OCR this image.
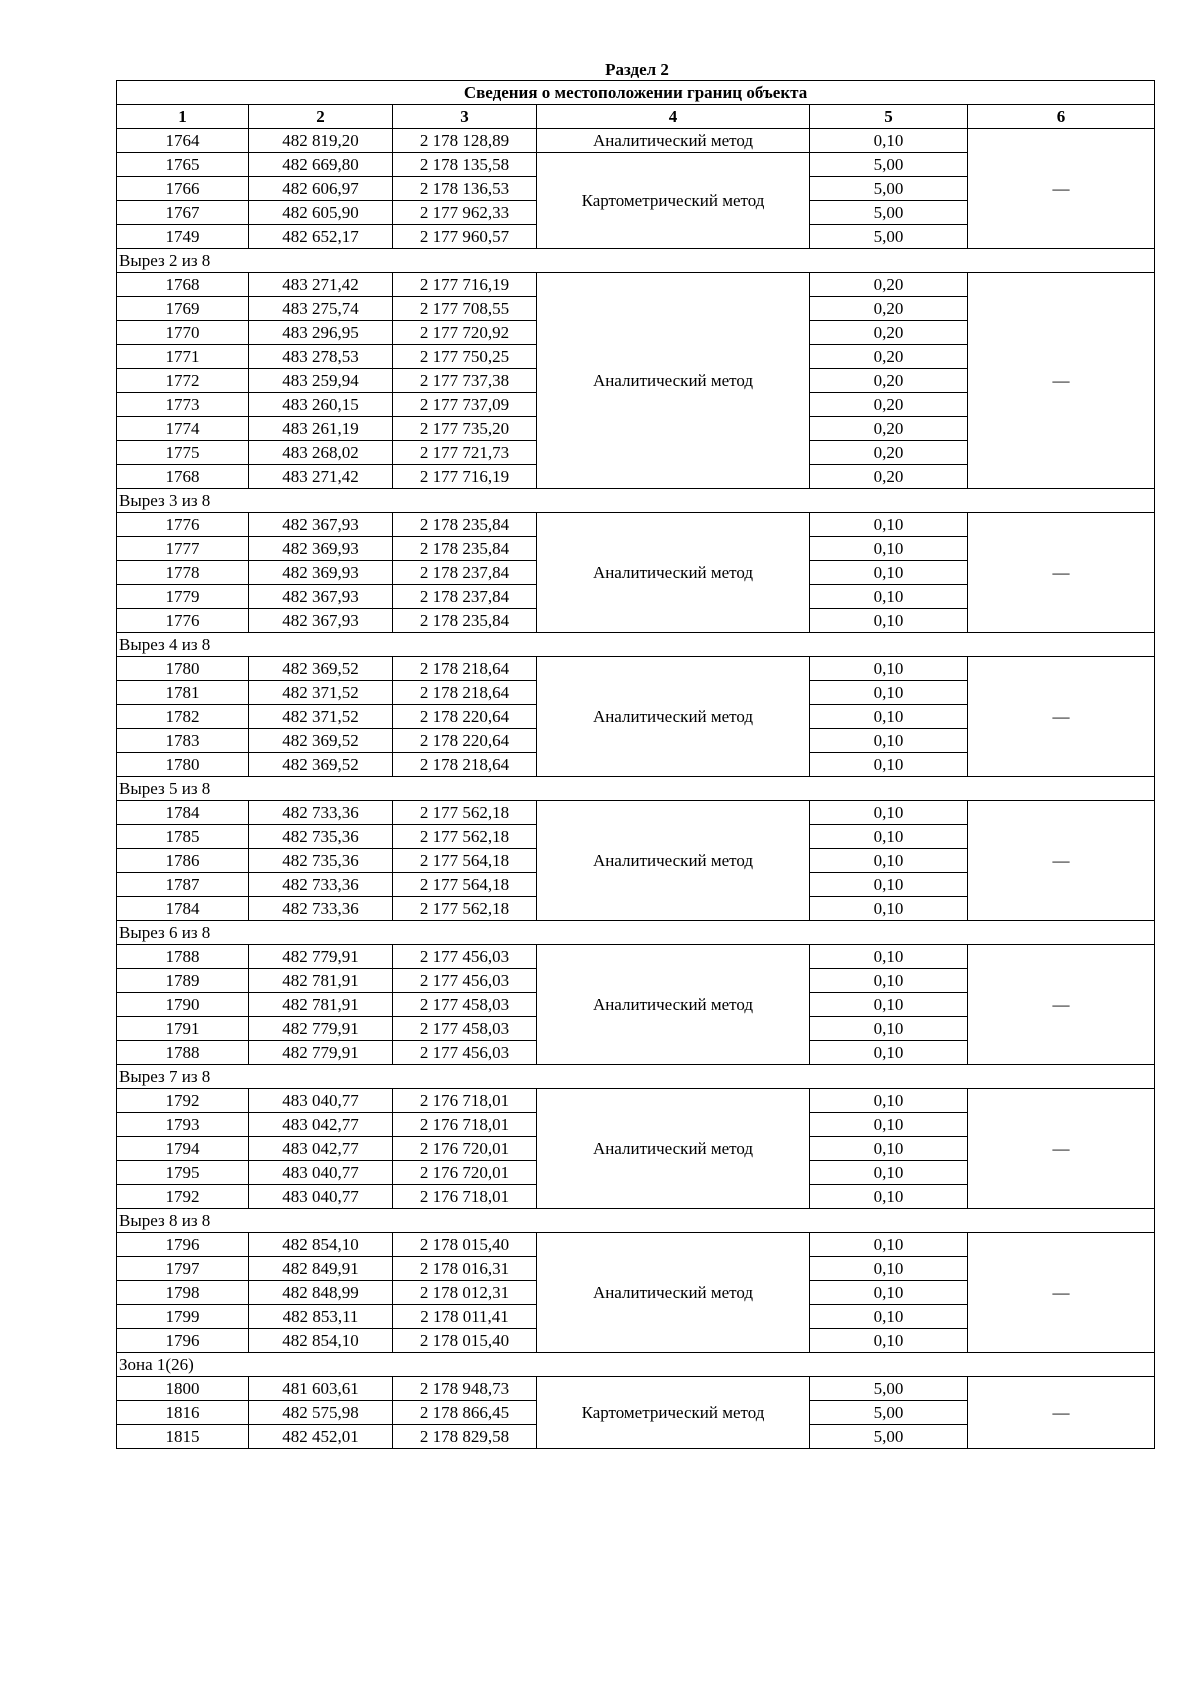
Раздел 2
Сведения о местоположении границ объекта					
1	2	3	4	5	6
1764	482 819,20	2 178 128,89	Аналитический метод	0,10	—
1765	482 669,80	2 178 135,58	Картометрический метод	5,00	
1766	482 606,97	2 178 136,53		5,00	
1767	482 605,90	2 177 962,33		5,00	
1749	482 652,17	2 177 960,57		5,00	
Вырез 2 из 8					
1768	483 271,42	2 177 716,19	Аналитический метод	0,20	—
1769	483 275,74	2 177 708,55		0,20	
1770	483 296,95	2 177 720,92		0,20	
1771	483 278,53	2 177 750,25		0,20	
1772	483 259,94	2 177 737,38		0,20	
1773	483 260,15	2 177 737,09		0,20	
1774	483 261,19	2 177 735,20		0,20	
1775	483 268,02	2 177 721,73		0,20	
1768	483 271,42	2 177 716,19		0,20	
Вырез 3 из 8					
1776	482 367,93	2 178 235,84	Аналитический метод	0,10	—
1777	482 369,93	2 178 235,84		0,10	
1778	482 369,93	2 178 237,84		0,10	
1779	482 367,93	2 178 237,84		0,10	
1776	482 367,93	2 178 235,84		0,10	
Вырез 4 из 8					
1780	482 369,52	2 178 218,64	Аналитический метод	0,10	—
1781	482 371,52	2 178 218,64		0,10	
1782	482 371,52	2 178 220,64		0,10	
1783	482 369,52	2 178 220,64		0,10	
1780	482 369,52	2 178 218,64		0,10	
Вырез 5 из 8					
1784	482 733,36	2 177 562,18	Аналитический метод	0,10	—
1785	482 735,36	2 177 562,18		0,10	
1786	482 735,36	2 177 564,18		0,10	
1787	482 733,36	2 177 564,18		0,10	
1784	482 733,36	2 177 562,18		0,10	
Вырез 6 из 8					
1788	482 779,91	2 177 456,03	Аналитический метод	0,10	—
1789	482 781,91	2 177 456,03		0,10	
1790	482 781,91	2 177 458,03		0,10	
1791	482 779,91	2 177 458,03		0,10	
1788	482 779,91	2 177 456,03		0,10	
Вырез 7 из 8					
1792	483 040,77	2 176 718,01	Аналитический метод	0,10	—
1793	483 042,77	2 176 718,01		0,10	
1794	483 042,77	2 176 720,01		0,10	
1795	483 040,77	2 176 720,01		0,10	
1792	483 040,77	2 176 718,01		0,10	
Вырез 8 из 8					
1796	482 854,10	2 178 015,40	Аналитический метод	0,10	—
1797	482 849,91	2 178 016,31		0,10	
1798	482 848,99	2 178 012,31		0,10	
1799	482 853,11	2 178 011,41		0,10	
1796	482 854,10	2 178 015,40		0,10	
Зона 1(26)					
1800	481 603,61	2 178 948,73	Картометрический метод	5,00	—
1816	482 575,98	2 178 866,45		5,00	
1815	482 452,01	2 178 829,58		5,00	
